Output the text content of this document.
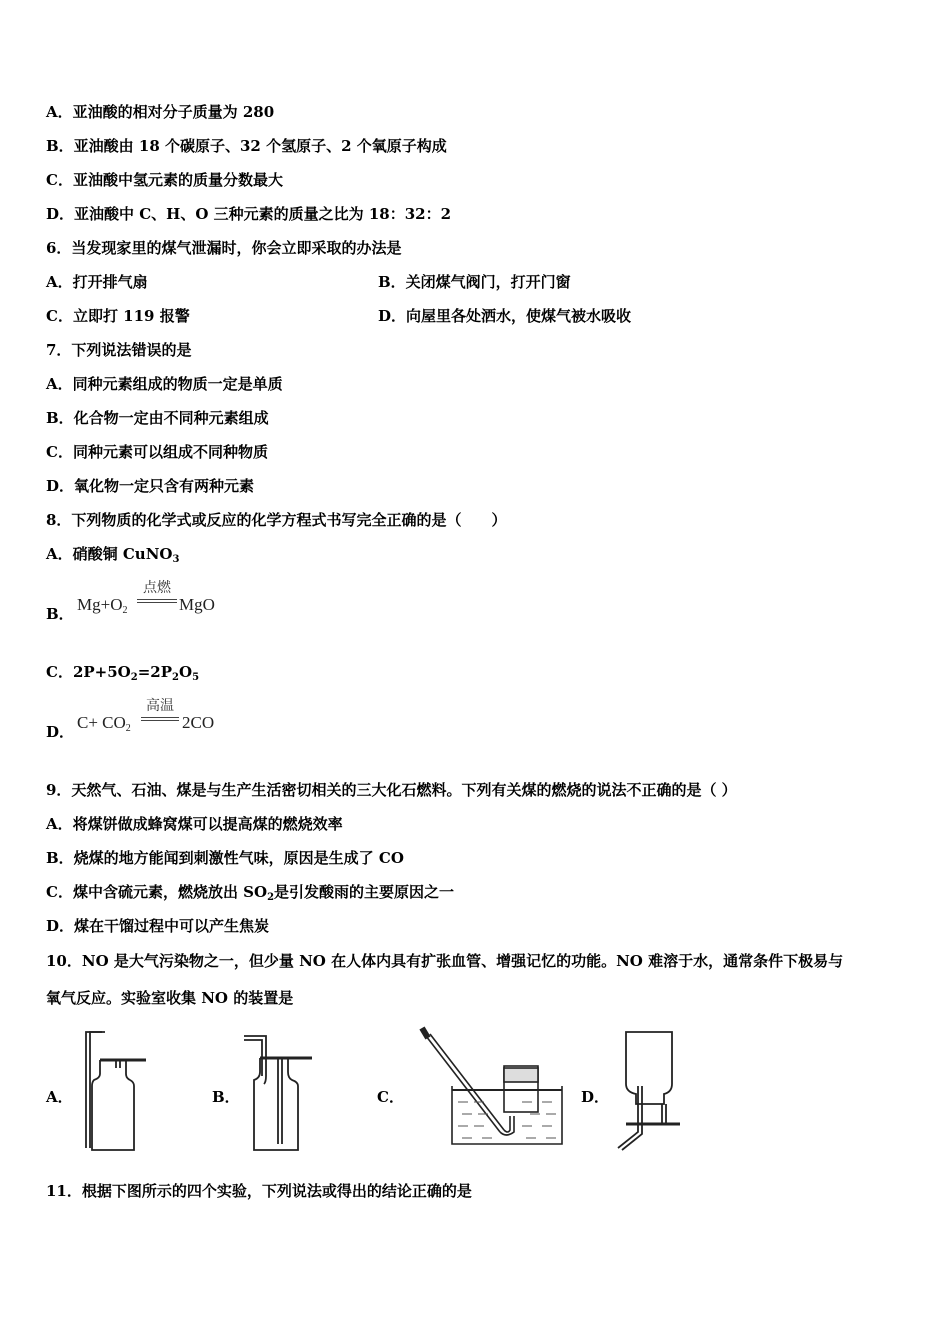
A．亚油酸的相对分子质量为 280
B．亚油酸由 18 个碳原子、32 个氢原子、2 个氧原子构成
C．亚油酸中氢元素的质量分数最大
D．亚油酸中 C、H、O 三种元素的质量之比为 18：32：2
6．当发现家里的煤气泄漏时，你会立即采取的办法是
A．打开排气扇	B．关闭煤气阀门，打开门窗
C．立即打 119 报警	D．向屋里各处洒水，使煤气被水吸收
7．下列说法错误的是
A．同种元素组成的物质一定是单质
B．化合物一定由不同种元素组成
C．同种元素可以组成不同种物质
D．氧化物一定只含有两种元素
8．下列物质的化学式或反应的化学方程式书写完全正确的是（　　）
A．硝酸铜 CuNO$_3$
B． $Mg+O_2$
点燃
MgO
C．$2P+5O_2=2P_2O_5$
D． $C+ CO_2$
高温
2CO
9．天然气、石油、煤是与生产生活密切相关的三大化石燃料。下列有关煤的燃烧的说法不正确的是（ ）
A．将煤饼做成蜂窝煤可以提高煤的燃烧效率
B．烧煤的地方能闻到刺激性气味，原因是生成了 CO
C．煤中含硫元素，燃烧放出 $SO_2$是引发酸雨的主要原因之一
D．煤在干馏过程中可以产生焦炭
10．NO 是大气污染物之一，但少量 NO 在人体内具有扩张血管、增强记忆的功能。NO 难溶于水，通常条件下极易与
氧气反应。实验室收集 NO 的装置是
A．	B．	C．	D．
11．根据下图所示的四个实验，下列说法或得出的结论正确的是
